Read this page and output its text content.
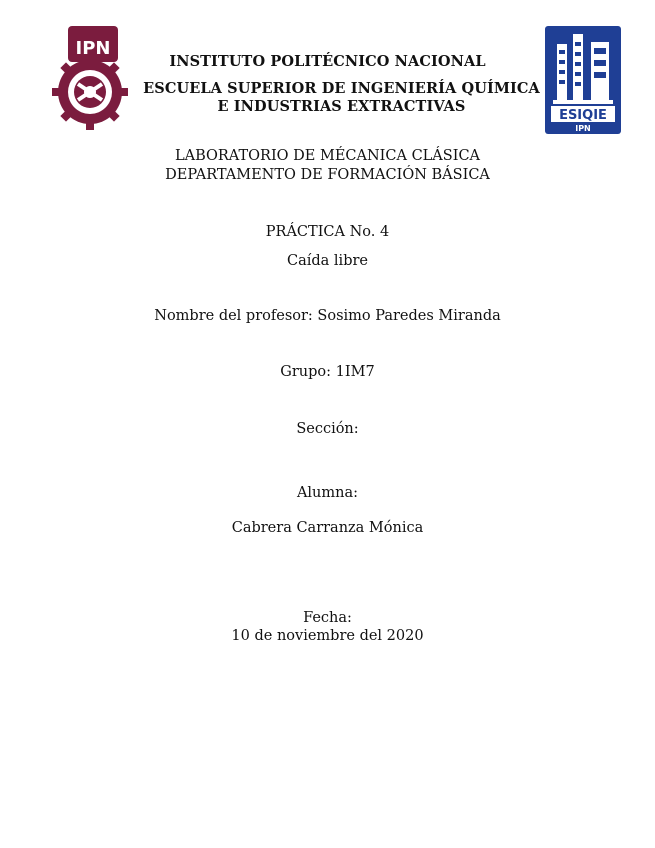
IPN
ESIQIE
IPN
INSTITUTO POLITÉCNICO NACIONAL
ESCUELA SUPERIOR DE INGENIERÍA QUÍMICA
E INDUSTRIAS EXTRACTIVAS
LABORATORIO DE MÉCANICA CLÁSICA
DEPARTAMENTO DE FORMACIÓN BÁSICA
PRÁCTICA No. 4
Caída libre
Nombre del profesor: Sosimo Paredes Miranda
Grupo: 1IM7
Sección:
Alumna:
Cabrera Carranza Mónica
Fecha:
10 de noviembre del 2020
